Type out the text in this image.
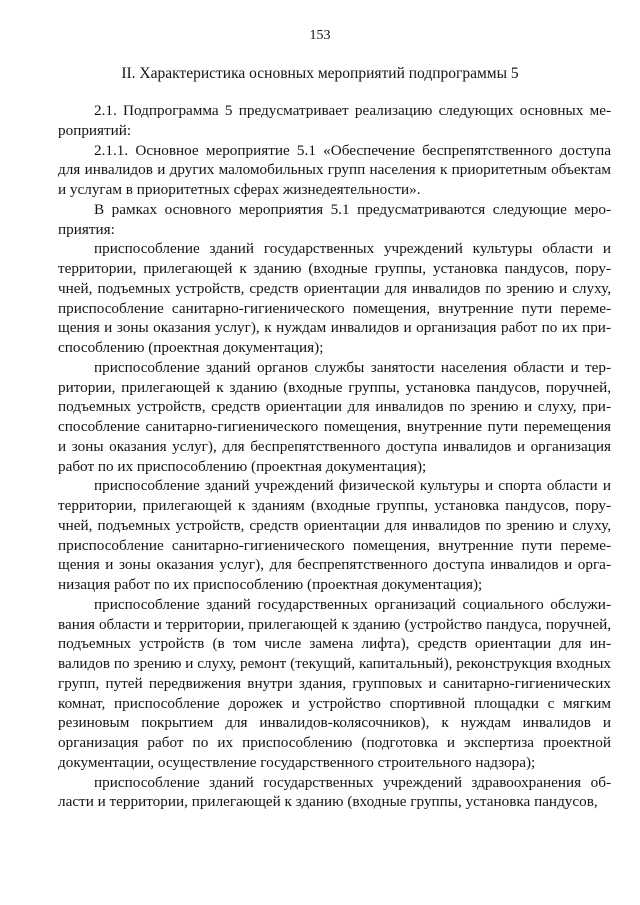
153
II. Характеристика основных мероприятий подпрограммы 5

2.1. Подпрограмма 5 предусматривает реализацию следующих основных мероприятий:

2.1.1. Основное мероприятие 5.1 «Обеспечение беспрепятственного доступа для инвалидов и других маломобильных групп населения к приоритетным объектам и услугам в приоритетных сферах жизнедеятельности».

В рамках основного мероприятия 5.1 предусматриваются следующие мероприятия:

приспособление зданий государственных учреждений культуры области и территории, прилегающей к зданию (входные группы, установка пандусов, поручней, подъемных устройств, средств ориентации для инвалидов по зрению и слуху, приспособление санитарно-гигиенического помещения, внутренние пути перемещения и зоны оказания услуг), к нуждам инвалидов и организация работ по их приспособлению (проектная документация);

приспособление зданий органов службы занятости населения области и территории, прилегающей к зданию (входные группы, установка пандусов, поручней, подъемных устройств, средств ориентации для инвалидов по зрению и слуху, приспособление санитарно-гигиенического помещения, внутренние пути перемещения и зоны оказания услуг), для беспрепятственного доступа инвалидов и организация работ по их приспособлению (проектная документация);

приспособление зданий учреждений физической культуры и спорта области и территории, прилегающей к зданиям (входные группы, установка пандусов, поручней, подъемных устройств, средств ориентации для инвалидов по зрению и слуху, приспособление санитарно-гигиенического помещения, внутренние пути перемещения и зоны оказания услуг), для беспрепятственного доступа инвалидов и организация работ по их приспособлению (проектная документация);

приспособление зданий государственных организаций социального обслуживания области и территории, прилегающей к зданию (устройство пандуса, поручней, подъемных устройств (в том числе замена лифта), средств ориентации для инвалидов по зрению и слуху, ремонт (текущий, капитальный), реконструкция входных групп, путей передвижения внутри здания, групповых и санитарно-гигиенических комнат, приспособление дорожек и устройство спортивной площадки с мягким резиновым покрытием для инвалидов-колясочников), к нуждам инвалидов и организация работ по их приспособлению (подготовка и экспертиза проектной документации, осуществление государственного строительного надзора);

приспособление зданий государственных учреждений здравоохранения области и территории, прилегающей к зданию (входные группы, установка пандусов,
